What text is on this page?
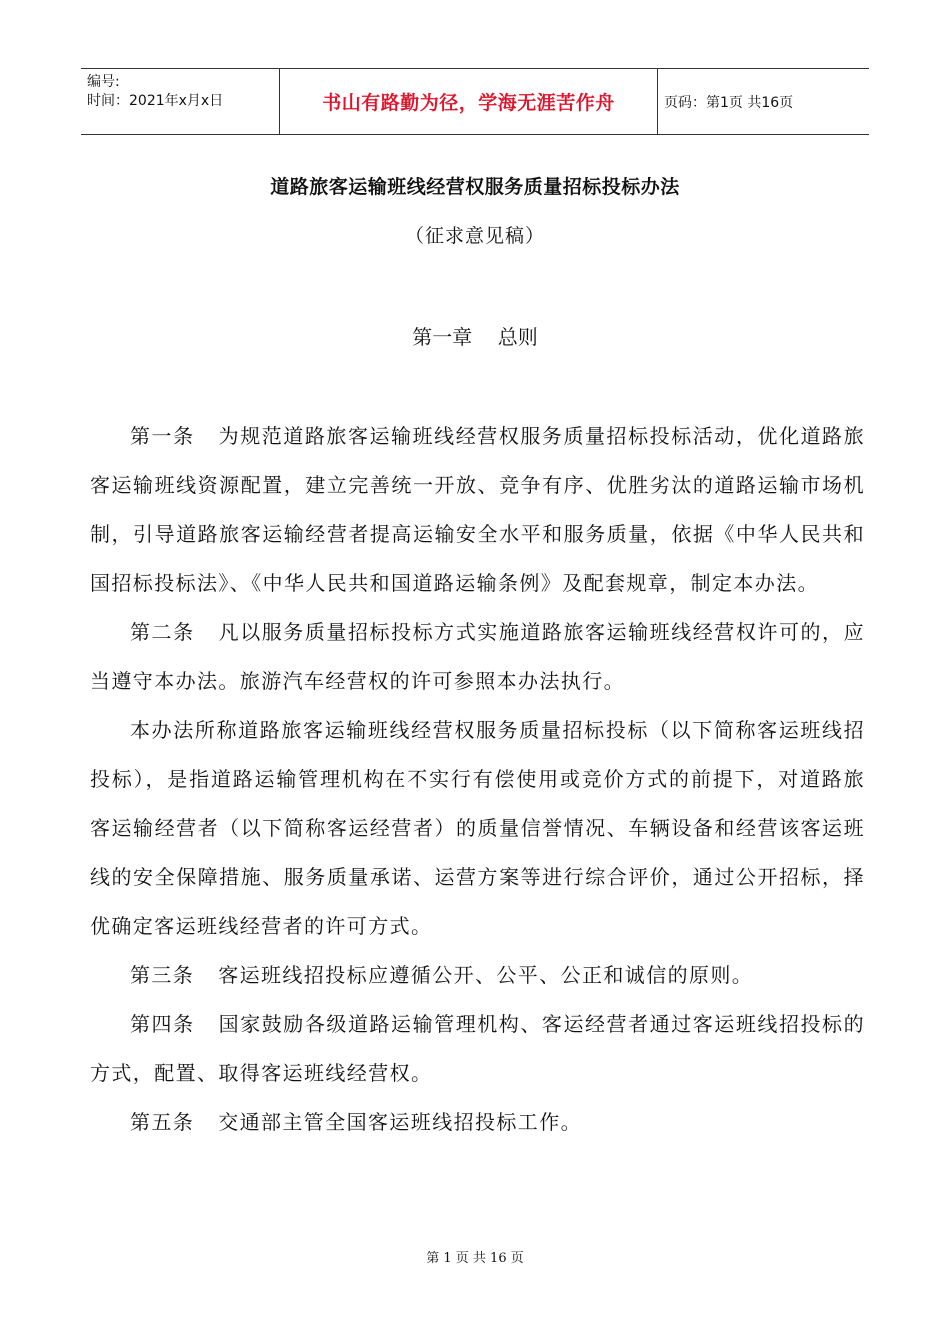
编号:
时间：2021年x月x日	书山有路勤为径，学海无涯苦作舟	页码：第1页 共16页
道路旅客运输班线经营权服务质量招标投标办法
（征求意见稿）
第一章    总则

第一条 为规范道路旅客运输班线经营权服务质量招标投标活动，优化道路旅客运输班线资源配置，建立完善统一开放、竞争有序、优胜劣汰的道路运输市场机制，引导道路旅客运输经营者提高运输安全水平和服务质量，依据《中华人民共和国招标投标法》、《中华人民共和国道路运输条例》及配套规章，制定本办法。

第二条 凡以服务质量招标投标方式实施道路旅客运输班线经营权许可的，应当遵守本办法。旅游汽车经营权的许可参照本办法执行。

本办法所称道路旅客运输班线经营权服务质量招标投标（以下简称客运班线招投标），是指道路运输管理机构在不实行有偿使用或竞价方式的前提下，对道路旅客运输经营者（以下简称客运经营者）的质量信誉情况、车辆设备和经营该客运班线的安全保障措施、服务质量承诺、运营方案等进行综合评价，通过公开招标，择优确定客运班线经营者的许可方式。

第三条 客运班线招投标应遵循公开、公平、公正和诚信的原则。

第四条 国家鼓励各级道路运输管理机构、客运经营者通过客运班线招投标的方式，配置、取得客运班线经营权。

第五条 交通部主管全国客运班线招投标工作。

第 1 页 共 16 页
